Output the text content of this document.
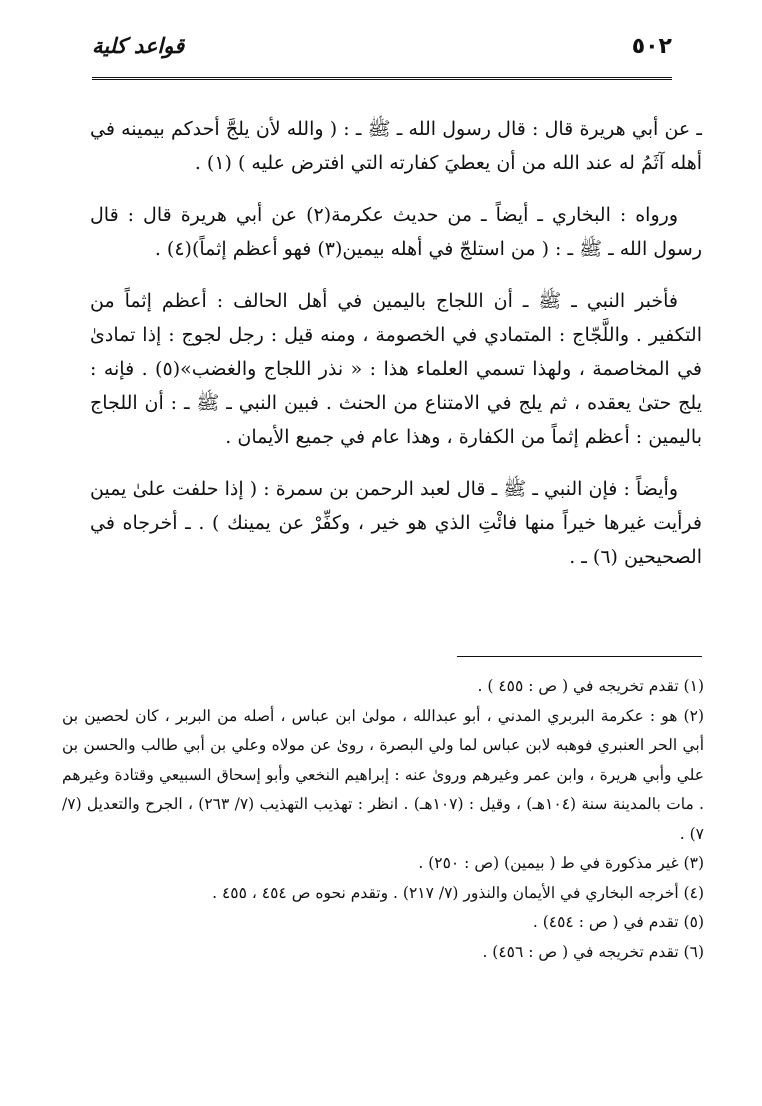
٥٠٢
قواعد كلية

ـ عن أبي هريرة قال : قال رسول الله ـ ﷺ ـ : ( والله لأن يلجَّ أحدكم بيمينه في أهله آثَمُ له عند الله من أن يعطيَ كفارته التي افترض عليه ) (١) .

ورواه : البخاري ـ أيضاً ـ من حديث عكرمة(٢) عن أبي هريرة قال : قال رسول الله ـ ﷺ ـ : ( من استلجّ في أهله بيمين(٣) فهو أعظم إثماً)(٤) .

فأخبر النبي ـ ﷺ ـ أن اللجاج باليمين في أهل الحالف : أعظم إثماً من التكفير . واللَّجّاج : المتمادي في الخصومة ، ومنه قيل : رجل لجوج : إذا تمادىٰ في المخاصمة ، ولهذا تسمي العلماء هذا : « نذر اللجاج والغضب»(٥) . فإنه : يلج حتىٰ يعقده ، ثم يلج في الامتناع من الحنث . فبين النبي ـ ﷺ ـ : أن اللجاج باليمين : أعظم إثماً من الكفارة ، وهذا عام في جميع الأيمان .

وأيضاً : فإن النبي ـ ﷺ ـ قال لعبد الرحمن بن سمرة : ( إذا حلفت علىٰ يمين فرأيت غيرها خيراً منها فائْتِ الذي هو خير ، وكفِّرْ عن يمينك ) . ـ أخرجاه في الصحيحين (٦) ـ .

(١) تقدم تخريجه في ( ص : ٤٥٥ ) .

(٢) هو : عكرمة البربري المدني ، أبو عبدالله ، مولىٰ ابن عباس ، أصله من البربر ، كان لحصين بن أبي الحر العنبري فوهبه لابن عباس لما ولي البصرة ، روىٰ عن مولاه وعلي بن أبي طالب والحسن بن علي وأبي هريرة ، وابن عمر وغيرهم وروىٰ عنه : إبراهيم النخعي وأبو إسحاق السبيعي وقتادة وغيرهم . مات بالمدينة سنة (١٠٤هـ) ، وقيل : (١٠٧هـ) . انظر : تهذيب التهذيب (٧/ ٢٦٣) ، الجرح والتعديل (٧/ ٧) .

(٣) غير مذكورة في ط ( بيمين) (ص : ٢٥٠) .

(٤) أخرجه البخاري في الأيمان والنذور (٧/ ٢١٧) . وتقدم نحوه ص ٤٥٤ ، ٤٥٥ .

(٥) تقدم في ( ص : ٤٥٤) .

(٦) تقدم تخريجه في ( ص : ٤٥٦) .
